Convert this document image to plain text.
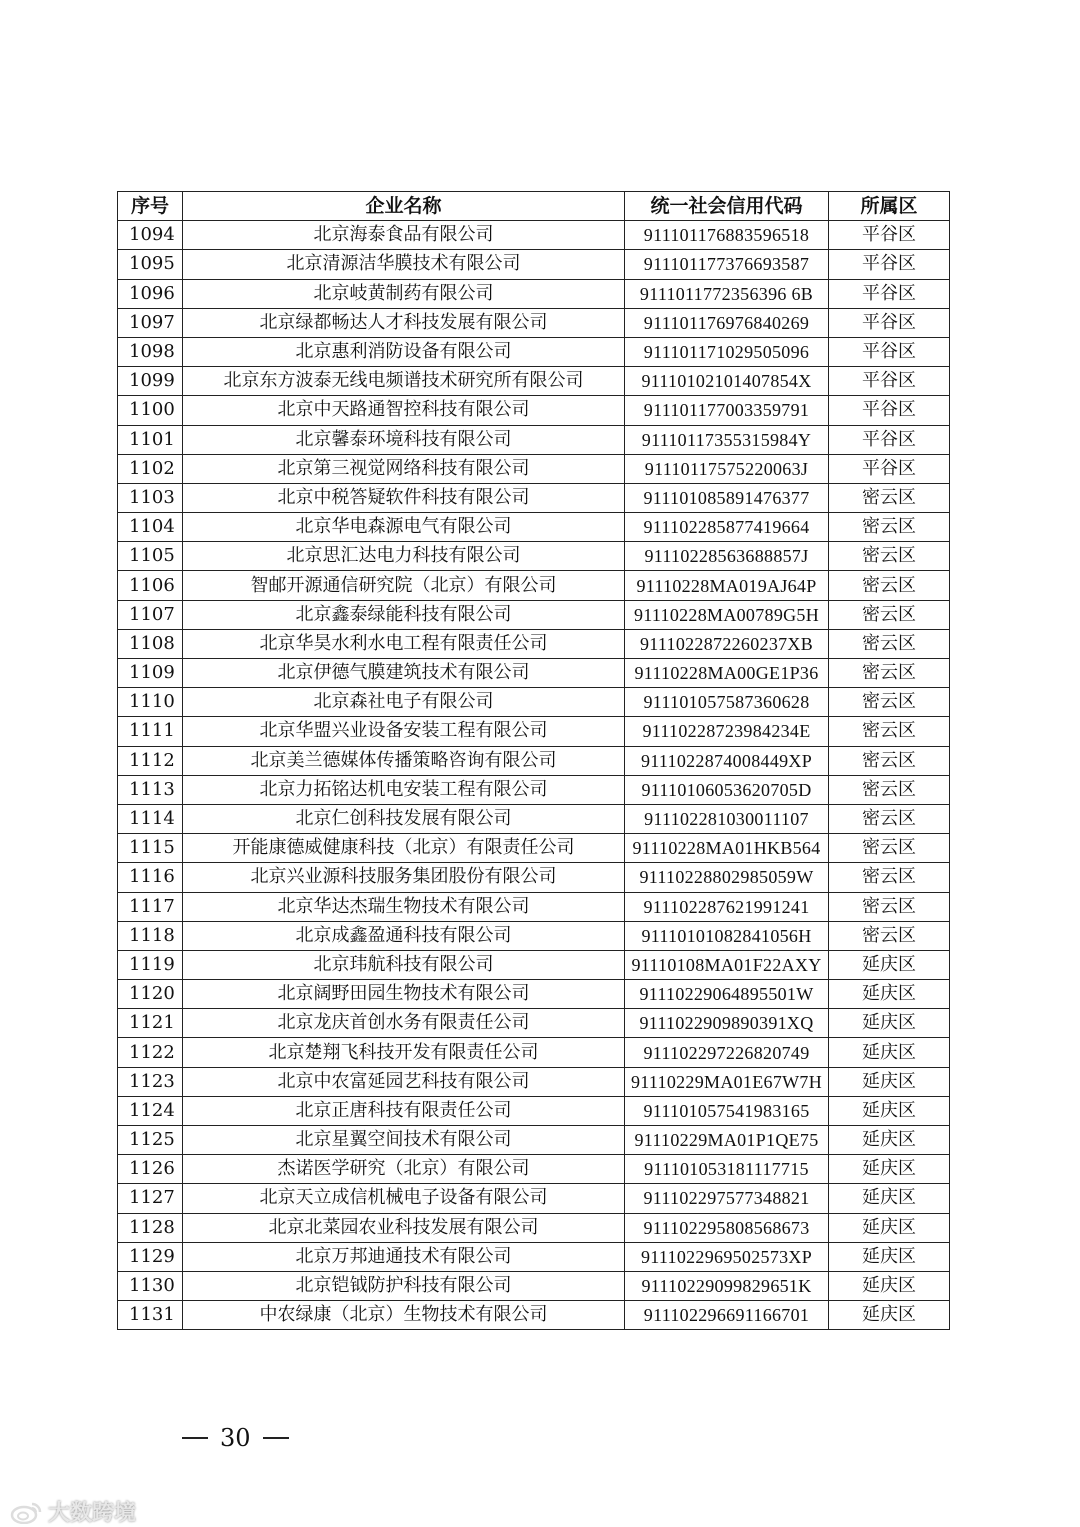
序号	企业名称	统一社会信用代码	所属区
1094	北京海泰食品有限公司	911101176883596518	平谷区
1095	北京清源洁华膜技术有限公司	911101177376693587	平谷区
1096	北京岐黄制药有限公司	9111011772356396 6B	平谷区
1097	北京绿都畅达人才科技发展有限公司	911101176976840269	平谷区
1098	北京惠利消防设备有限公司	911101171029505096	平谷区
1099	北京东方波泰无线电频谱技术研究所有限公司	91110102101407854X	平谷区
1100	北京中天路通智控科技有限公司	911101177003359791	平谷区
1101	北京馨泰环境科技有限公司	91110117355315984Y	平谷区
1102	北京第三视觉网络科技有限公司	91110117575220063J	平谷区
1103	北京中税答疑软件科技有限公司	911101085891476377	密云区
1104	北京华电森源电气有限公司	911102285877419664	密云区
1105	北京思汇达电力科技有限公司	91110228563688857J	密云区
1106	智邮开源通信研究院（北京）有限公司	91110228MA019AJ64P	密云区
1107	北京鑫泰绿能科技有限公司	91110228MA00789G5H	密云区
1108	北京华昊水利水电工程有限责任公司	9111022872260237XB	密云区
1109	北京伊德气膜建筑技术有限公司	91110228MA00GE1P36	密云区
1110	北京森社电子有限公司	911101057587360628	密云区
1111	北京华盟兴业设备安装工程有限公司	91110228723984234E	密云区
1112	北京美兰德媒体传播策略咨询有限公司	9111022874008449XP	密云区
1113	北京力拓铭达机电安装工程有限公司	91110106053620705D	密云区
1114	北京仁创科技发展有限公司	911102281030011107	密云区
1115	开能康德威健康科技（北京）有限责任公司	91110228MA01HKB564	密云区
1116	北京兴业源科技服务集团股份有限公司	91110228802985059W	密云区
1117	北京华达杰瑞生物技术有限公司	911102287621991241	密云区
1118	北京成鑫盈通科技有限公司	91110101082841056H	密云区
1119	北京玮航科技有限公司	91110108MA01F22AXY	延庆区
1120	北京阔野田园生物技术有限公司	91110229064895501W	延庆区
1121	北京龙庆首创水务有限责任公司	9111022909890391XQ	延庆区
1122	北京楚翔飞科技开发有限责任公司	911102297226820749	延庆区
1123	北京中农富延园艺科技有限公司	91110229MA01E67W7H	延庆区
1124	北京正唐科技有限责任公司	911101057541983165	延庆区
1125	北京星翼空间技术有限公司	91110229MA01P1QE75	延庆区
1126	杰诺医学研究（北京）有限公司	911101053181117715	延庆区
1127	北京天立成信机械电子设备有限公司	911102297577348821	延庆区
1128	北京北菜园农业科技发展有限公司	911102295808568673	延庆区
1129	北京万邦迪通技术有限公司	9111022969502573XP	延庆区
1130	北京铠钺防护科技有限公司	91110229099829651K	延庆区
1131	中农绿康（北京）生物技术有限公司	911102296691166701	延庆区
30
大数跨境
